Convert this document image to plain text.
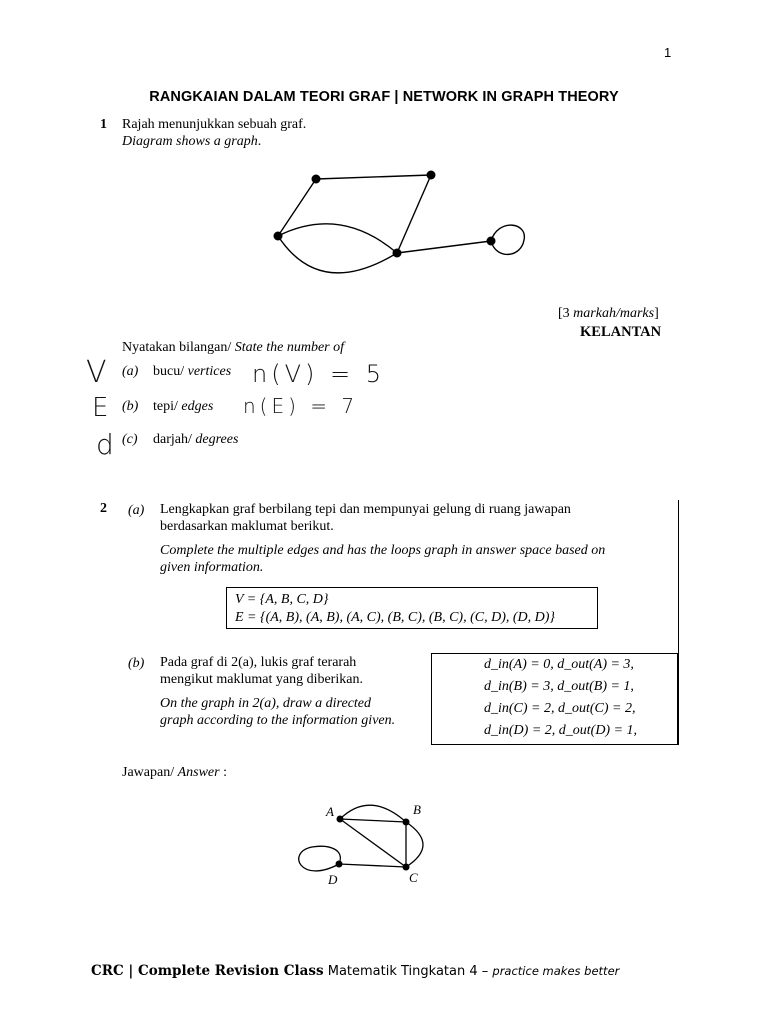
1
RANGKAIAN DALAM TEORI GRAF | NETWORK IN GRAPH THEORY
1 Rajah menunjukkan sebuah graf.
Diagram shows a graph.
[3 markah/marks]
KELANTAN
Nyatakan bilangan/ State the number of
(a) bucu/ vertices
(b) tepi/ edges
(c) darjah/ degrees
V
E
d
n(V) = 5
n(E) = 7
2 (a) Lengkapkan graf berbilang tepi dan mempunyai gelung di ruang jawapan
berdasarkan maklumat berikut.
Complete the multiple edges and has the loops graph in answer space based on
given information.
V = {A, B, C, D}
E = {(A, B), (A, B), (A, C), (B, C), (B, C), (C, D), (D, D)}
(b) Pada graf di 2(a), lukis graf terarah
mengikut maklumat yang diberikan.
On the graph in 2(a), draw a directed
graph according to the information given.
d_in(A) = 0, d_out(A) = 3,
d_in(B) = 3, d_out(B) = 1,
d_in(C) = 2, d_out(C) = 2,
d_in(D) = 2, d_out(D) = 1,
Jawapan/ Answer :
A	B
C
D
CRC | Complete Revision Class Matematik Tingkatan 4 – practice makes better
